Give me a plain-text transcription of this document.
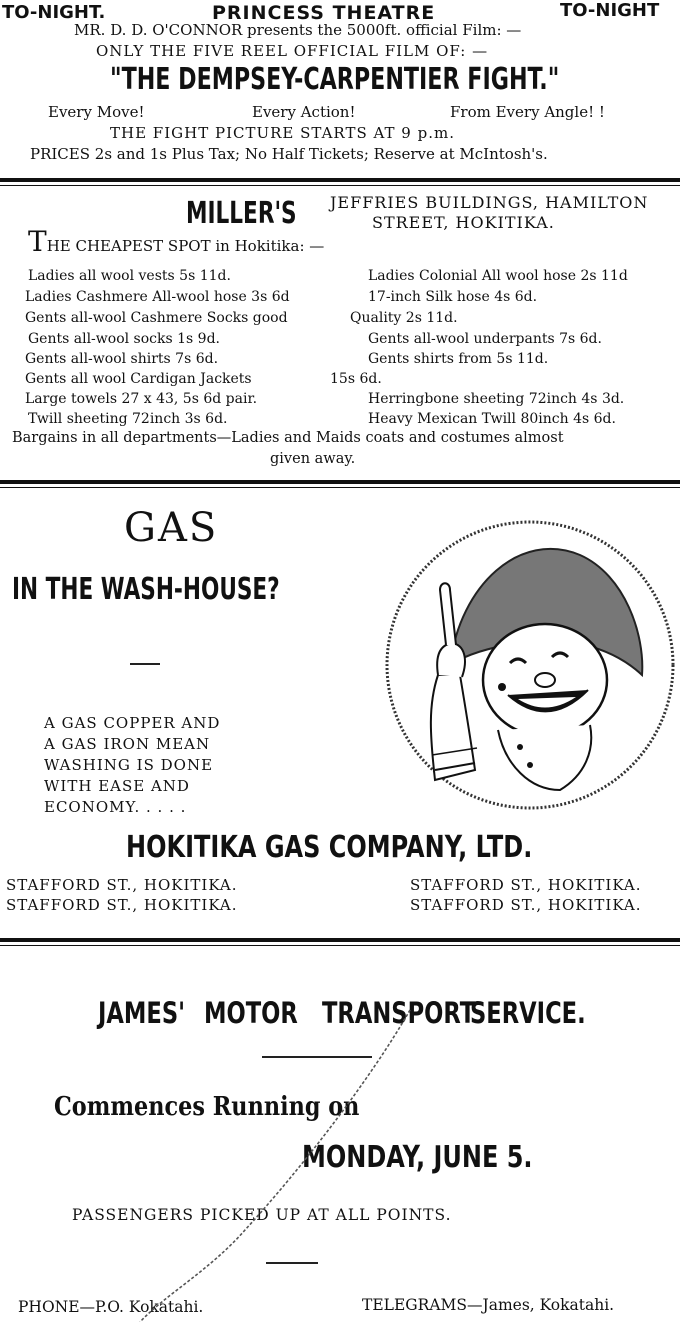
TO-NIGHT.	PRINCESS THEATRE	TO-NIGHT
MR. D. D. O'CONNOR presents the 5000ft. official Film: —
ONLY THE FIVE REEL OFFICIAL FILM OF: —
"THE DEMPSEY-CARPENTIER FIGHT."
Every Move!	Every Action!	From Every Angle! !
THE FIGHT PICTURE STARTS AT 9 p.m.
PRICES 2s and 1s Plus Tax; No Half Tickets; Reserve at McIntosh's.
MILLER'S JEFFRIES BUILDINGS, HAMILTON
STREET, HOKITIKA.
THE CHEAPEST SPOT in Hokitika: —
Ladies all wool vests 5s 11d.
Ladies Cashmere All-wool hose 3s 6d
Gents all-wool Cashmere Socks good
Gents all-wool socks 1s 9d.
Gents all-wool shirts 7s 6d.
Gents all wool Cardigan Jackets
Large towels 27 x 43, 5s 6d pair.
Twill sheeting 72inch 3s 6d.
Ladies Colonial All wool hose 2s 11d
17-inch Silk hose 4s 6d.
Quality 2s 11d.
Gents all-wool underpants 7s 6d.
Gents shirts from 5s 11d.
15s 6d.
Herringbone sheeting 72inch 4s 3d.
Heavy Mexican Twill 80inch 4s 6d.
Bargains in all departments—Ladies and Maids coats and costumes almost
given away.
GAS
IN THE WASH-HOUSE?
A GAS COPPER AND
A GAS IRON MEAN
WASHING IS DONE
WITH EASE AND
ECONOMY. . . . .
HOKITIKA GAS COMPANY, LTD.
STAFFORD ST., HOKITIKA.
STAFFORD ST., HOKITIKA.
STAFFORD ST., HOKITIKA.
STAFFORD ST., HOKITIKA.
JAMES' MOTOR TRANSPORT
SERVICE.
Commences Running on
MONDAY, JUNE 5.
PASSENGERS PICKED UP AT ALL POINTS.
PHONE—P.O. Kokatahi.	TELEGRAMS—James, Kokatahi.
